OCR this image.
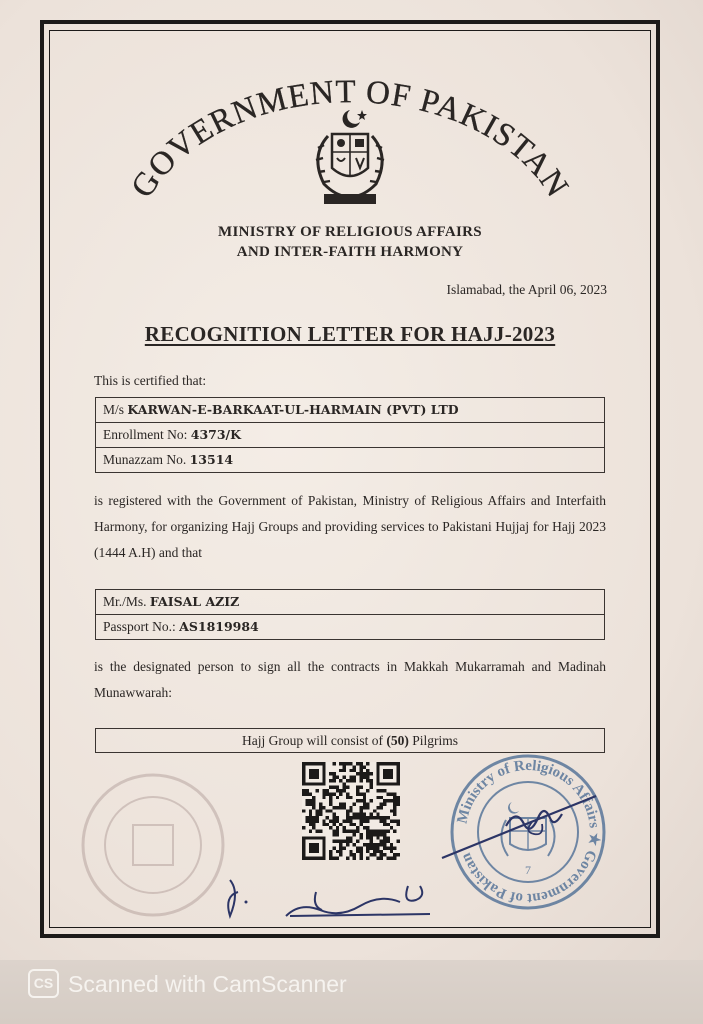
GOVERNMENT OF PAKISTAN
MINISTRY OF RELIGIOUS AFFAIRS
AND INTER-FAITH HARMONY
Islamabad, the April 06, 2023
RECOGNITION LETTER FOR HAJJ-2023
This is certified that:
M/s KARWAN-E-BARKAAT-UL-HARMAIN (PVT) LTD
Enrollment No: 4373/K
Munazzam No. 13514
is registered with the Government of Pakistan, Ministry of Religious Affairs and Interfaith Harmony, for organizing Hajj Groups and providing services to Pakistani Hujjaj for Hajj 2023 (1444 A.H) and that
Mr./Ms. FAISAL AZIZ
Passport No.: AS1819984
is the designated person to sign all the contracts in Makkah Mukarramah and Madinah Munawwarah:
Hajj Group will consist of (50) Pilgrims
Ministry of Religious Affairs ★ Government of Pakistan
7
CS Scanned with CamScanner
